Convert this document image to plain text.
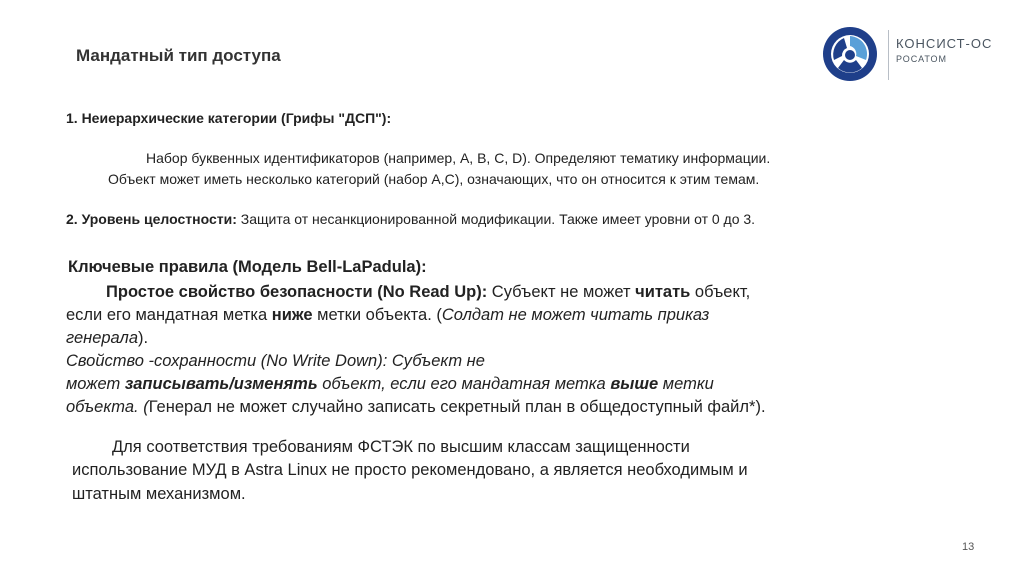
Мандатный тип доступа
КОНСИСТ-ОС
РОСАТОМ
1. Неиерархические категории (Грифы "ДСП"):
Набор буквенных идентификаторов (например, A, B, C, D). Определяют тематику информации.
Объект может иметь несколько категорий (набор A,C), означающих, что он относится к этим темам.
2. Уровень целостности: Защита от несанкционированной модификации. Также имеет уровни от 0 до 3.
Ключевые правила (Модель Bell-LaPadula):
Простое свойство безопасности (No Read Up): Субъект не может читать объект,
если его мандатная метка ниже метки объекта. (Солдат не может читать приказ
генерала).
Свойство -сохранности (No Write Down): Субъект не
может записывать/изменять объект, если его мандатная метка выше метки
объекта. (Генерал не может случайно записать секретный план в общедоступный файл*).
Для соответствия требованиям ФСТЭК по высшим классам защищенности
использование МУД в Astra Linux не просто рекомендовано, а является необходимым и
штатным механизмом.
13
